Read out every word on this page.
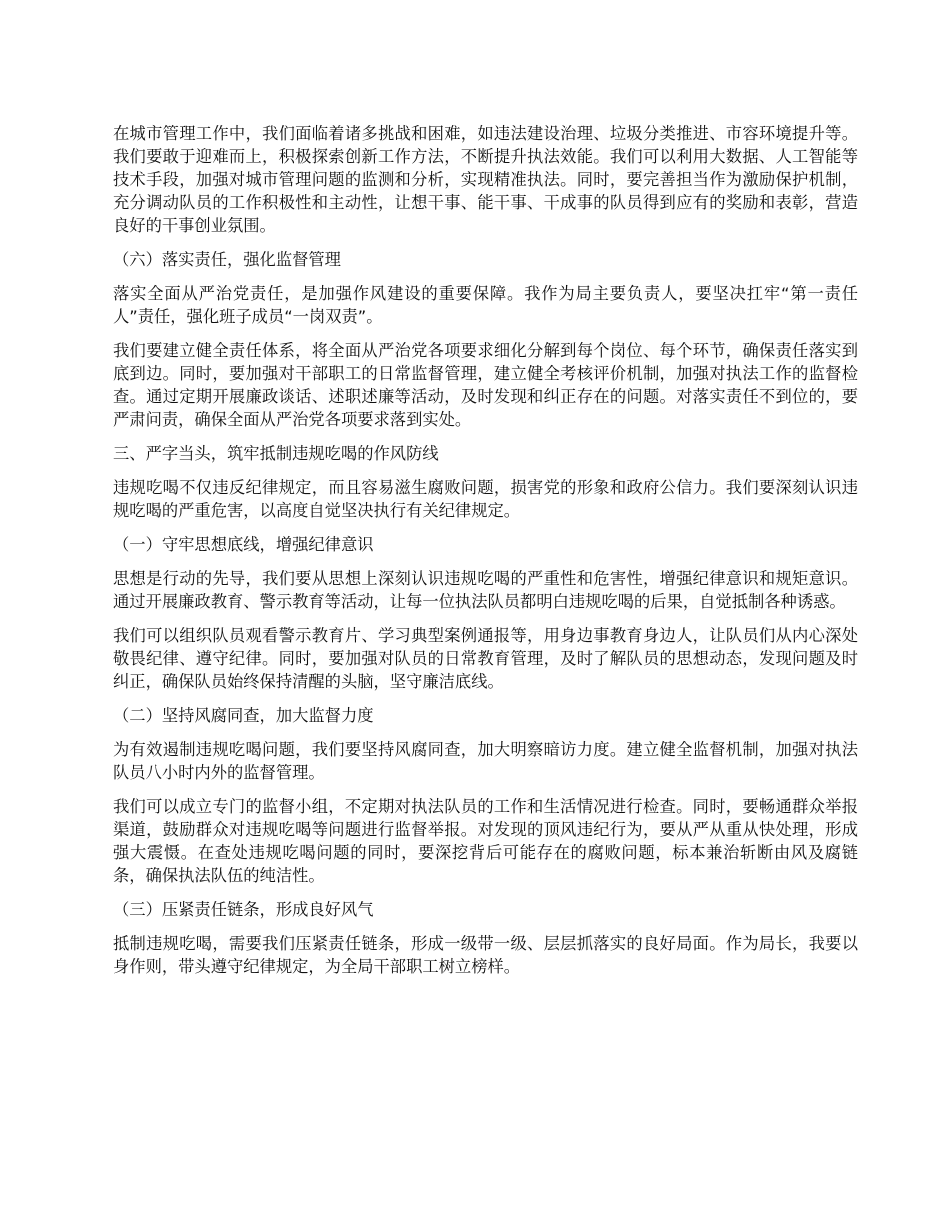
在城市管理工作中，我们面临着诸多挑战和困难，如违法建设治理、垃圾分类推进、市容环境提升等。我们要敢于迎难而上，积极探索创新工作方法，不断提升执法效能。我们可以利用大数据、人工智能等技术手段，加强对城市管理问题的监测和分析，实现精准执法。同时，要完善担当作为激励保护机制，充分调动队员的工作积极性和主动性，让想干事、能干事、干成事的队员得到应有的奖励和表彰，营造良好的干事创业氛围。

（六）落实责任，强化监督管理

落实全面从严治党责任，是加强作风建设的重要保障。我作为局主要负责人，要坚决扛牢“第一责任人”责任，强化班子成员“一岗双责”。

我们要建立健全责任体系，将全面从严治党各项要求细化分解到每个岗位、每个环节，确保责任落实到底到边。同时，要加强对干部职工的日常监督管理，建立健全考核评价机制，加强对执法工作的监督检查。通过定期开展廉政谈话、述职述廉等活动，及时发现和纠正存在的问题。对落实责任不到位的，要严肃问责，确保全面从严治党各项要求落到实处。

三、严字当头，筑牢抵制违规吃喝的作风防线

违规吃喝不仅违反纪律规定，而且容易滋生腐败问题，损害党的形象和政府公信力。我们要深刻认识违规吃喝的严重危害，以高度自觉坚决执行有关纪律规定。

（一）守牢思想底线，增强纪律意识

思想是行动的先导，我们要从思想上深刻认识违规吃喝的严重性和危害性，增强纪律意识和规矩意识。通过开展廉政教育、警示教育等活动，让每一位执法队员都明白违规吃喝的后果，自觉抵制各种诱惑。

我们可以组织队员观看警示教育片、学习典型案例通报等，用身边事教育身边人，让队员们从内心深处敬畏纪律、遵守纪律。同时，要加强对队员的日常教育管理，及时了解队员的思想动态，发现问题及时纠正，确保队员始终保持清醒的头脑，坚守廉洁底线。

（二）坚持风腐同查，加大监督力度

为有效遏制违规吃喝问题，我们要坚持风腐同查，加大明察暗访力度。建立健全监督机制，加强对执法队员八小时内外的监督管理。

我们可以成立专门的监督小组，不定期对执法队员的工作和生活情况进行检查。同时，要畅通群众举报渠道，鼓励群众对违规吃喝等问题进行监督举报。对发现的顶风违纪行为，要从严从重从快处理，形成强大震慑。在查处违规吃喝问题的同时，要深挖背后可能存在的腐败问题，标本兼治斩断由风及腐链条，确保执法队伍的纯洁性。

（三）压紧责任链条，形成良好风气

抵制违规吃喝，需要我们压紧责任链条，形成一级带一级、层层抓落实的良好局面。作为局长，我要以身作则，带头遵守纪律规定，为全局干部职工树立榜样。
